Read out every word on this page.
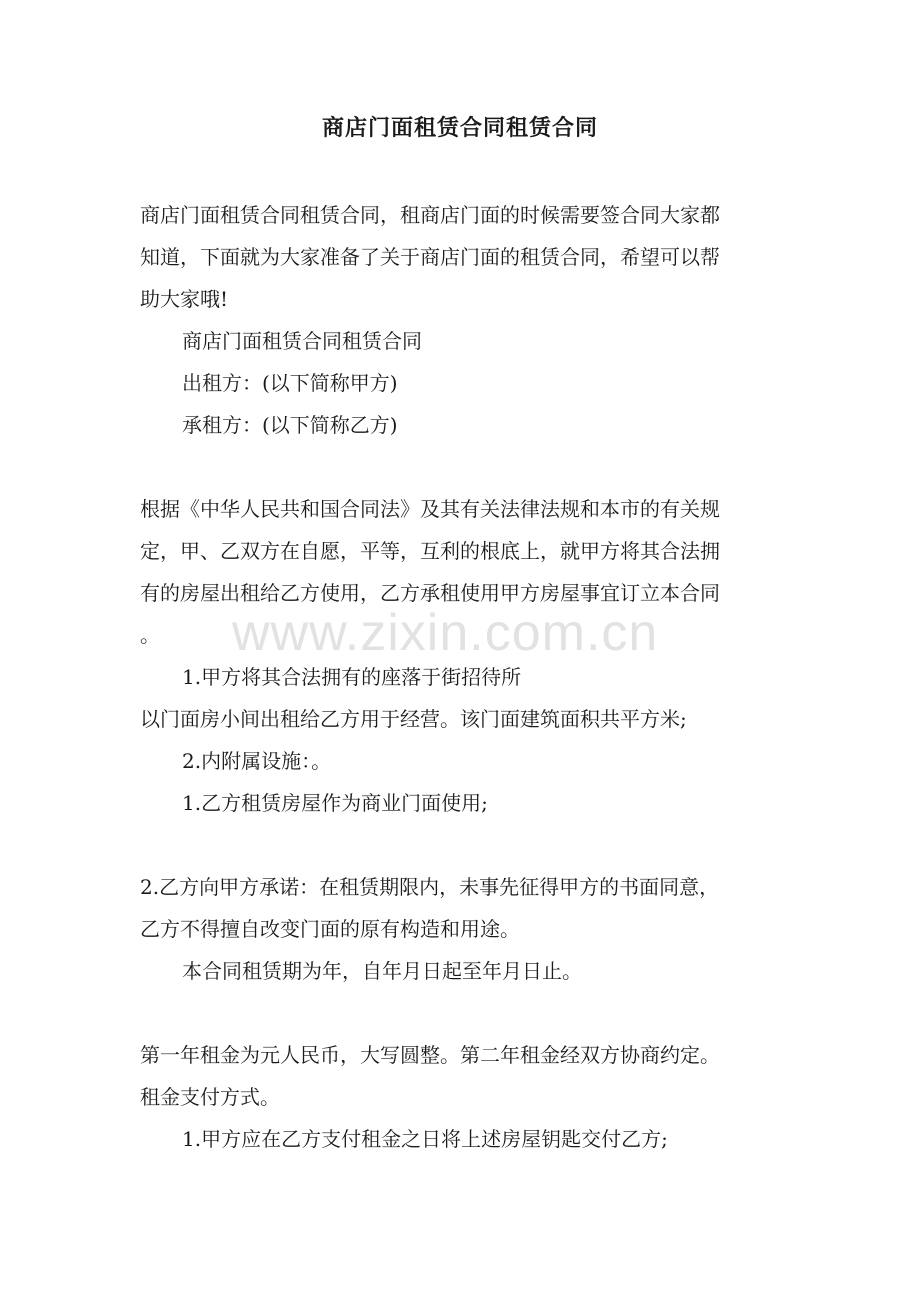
商店门面租赁合同租赁合同
商店门面租赁合同租赁合同，租商店门面的时候需要签合同大家都
知道，下面就为大家准备了关于商店门面的租赁合同，希望可以帮
助大家哦!
商店门面租赁合同租赁合同
出租方：(以下简称甲方)
承租方：(以下简称乙方)
根据《中华人民共和国合同法》及其有关法律法规和本市的有关规
定，甲、乙双方在自愿，平等，互利的根底上，就甲方将其合法拥
有的房屋出租给乙方使用，乙方承租使用甲方房屋事宜订立本合同
。
1.甲方将其合法拥有的座落于街招待所
以门面房小间出租给乙方用于经营。该门面建筑面积共平方米;
2.内附属设施：。
1.乙方租赁房屋作为商业门面使用;
2.乙方向甲方承诺：在租赁期限内，未事先征得甲方的书面同意，
乙方不得擅自改变门面的原有构造和用途。
本合同租赁期为年，自年月日起至年月日止。
第一年租金为元人民币，大写圆整。第二年租金经双方协商约定。
租金支付方式。
1.甲方应在乙方支付租金之日将上述房屋钥匙交付乙方;
www.zixin.com.cn
